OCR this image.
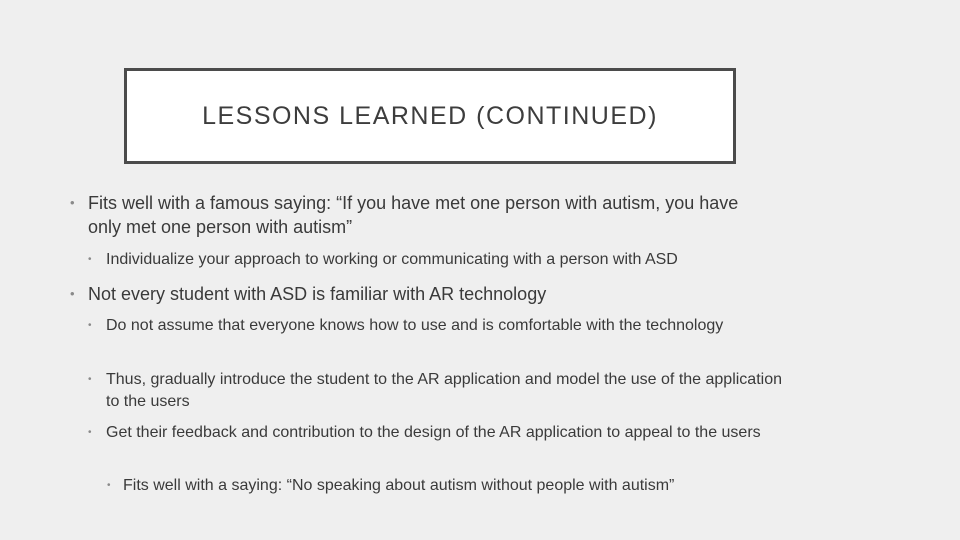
LESSONS LEARNED (CONTINUED)
• Fits well with a famous saying: “If you have met one person with autism, you have only met one person with autism”
• Individualize your approach to working or communicating with a person with ASD
• Not every student with ASD is familiar with AR technology
• Do not assume that everyone knows how to use and is comfortable with the technology
• Thus, gradually introduce the student to the AR application and model the use of the application to the users
• Get their feedback and contribution to the design of the AR application to appeal to the users
• Fits well with a saying: “No speaking about autism without people with autism”
